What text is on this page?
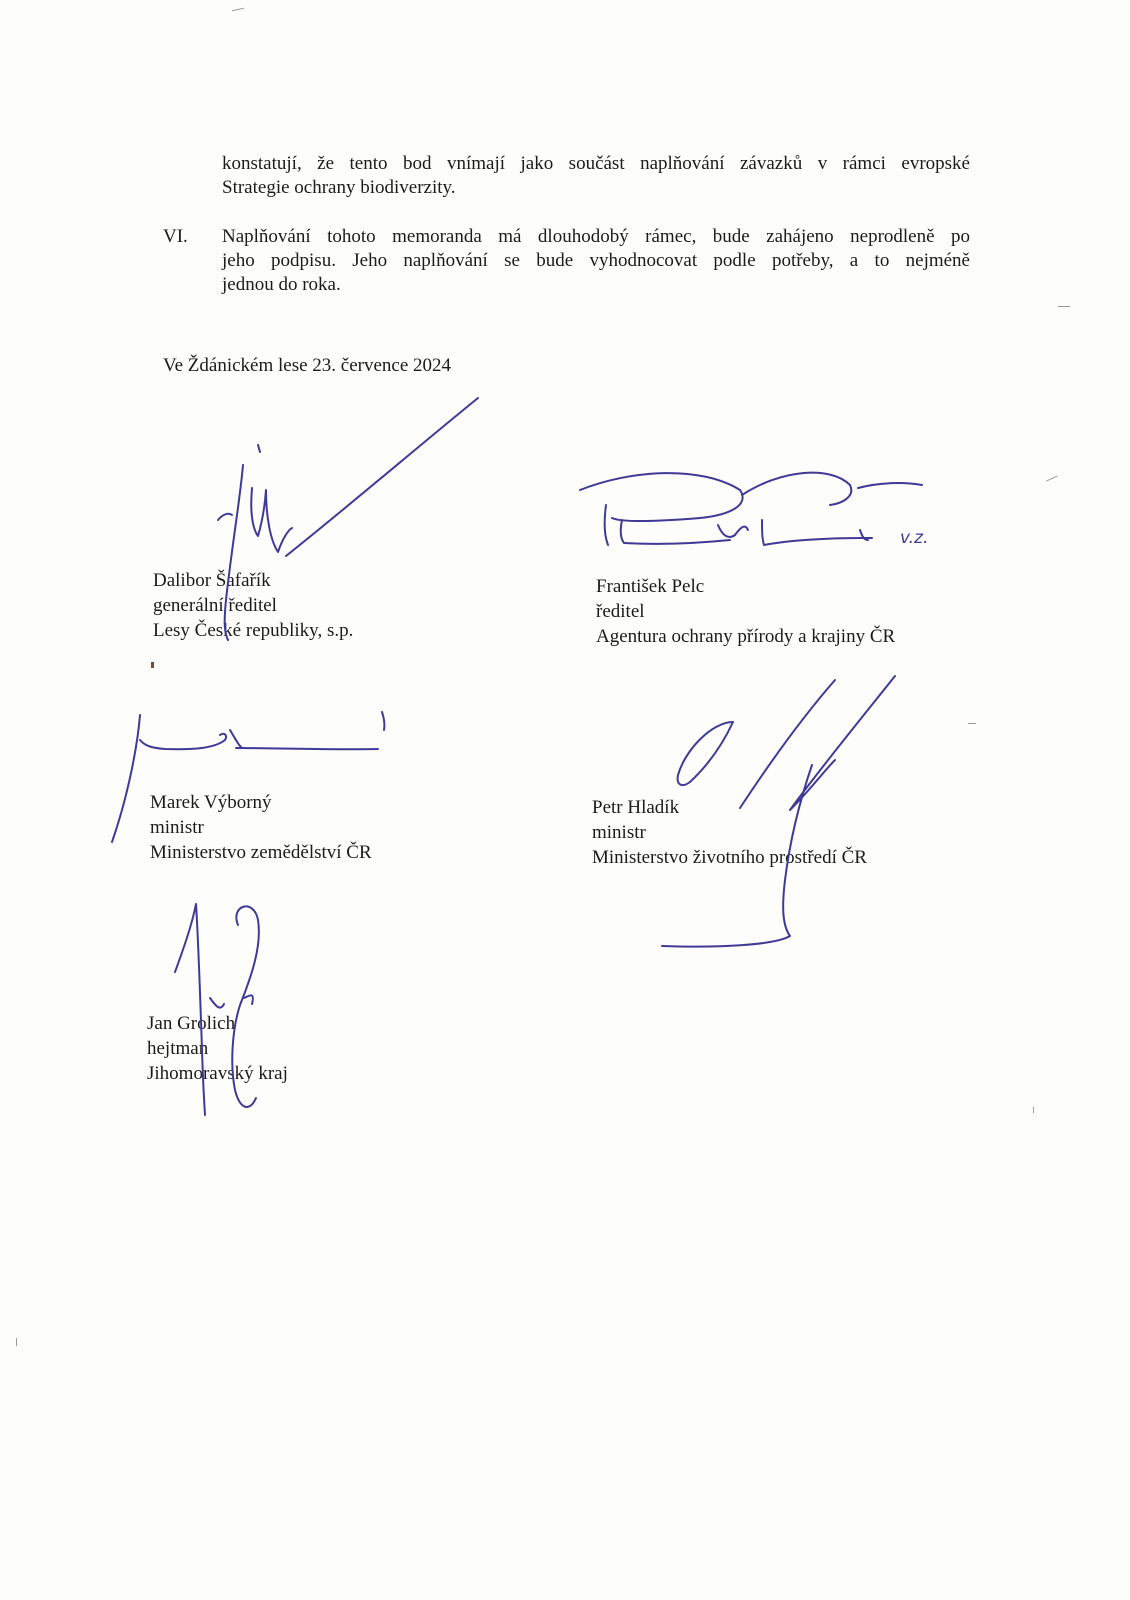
konstatují, že tento bod vnímají jako součást naplňování závazků v rámci evropské
Strategie ochrany biodiverzity.
VI. Naplňování tohoto memoranda má dlouhodobý rámec, bude zahájeno neprodleně po
jeho podpisu. Jeho naplňování se bude vyhodnocovat podle potřeby, a to nejméně
jednou do roka.
Ve Ždánickém lese 23. července 2024
Dalibor Šafařík
generální ředitel
Lesy České republiky, s.p.
František Pelc
ředitel
Agentura ochrany přírody a krajiny ČR
Marek Výborný
ministr
Ministerstvo zemědělství ČR
Petr Hladík
ministr
Ministerstvo životního prostředí ČR
Jan Grolich
hejtman
Jihomoravský kraj
v.z.
